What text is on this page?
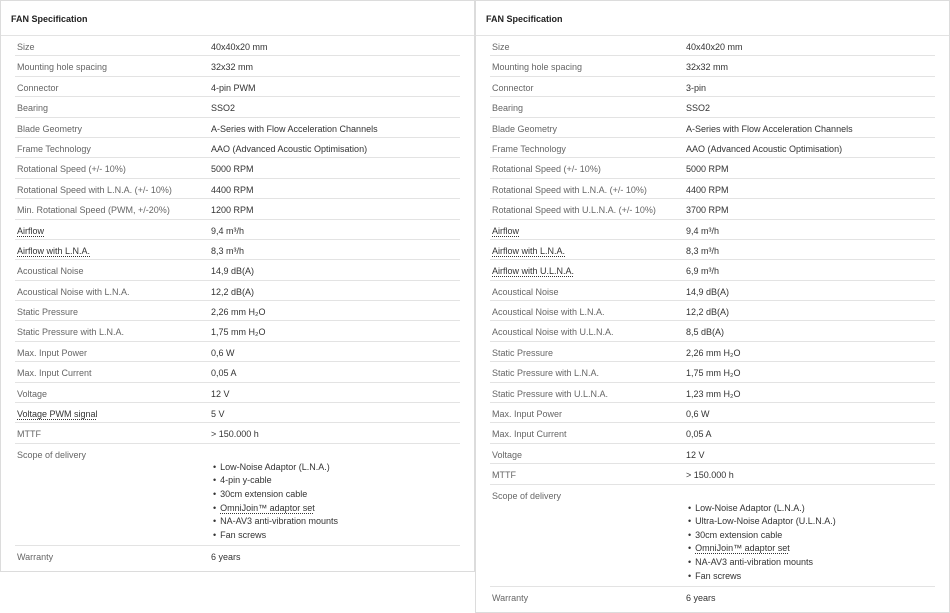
FAN Specification
Size	40x40x20 mm
Mounting hole spacing	32x32 mm
Connector	4-pin PWM
Bearing	SSO2
Blade Geometry	A-Series with Flow Acceleration Channels
Frame Technology	AAO (Advanced Acoustic Optimisation)
Rotational Speed (+/- 10%)	5000 RPM
Rotational Speed with L.N.A. (+/- 10%)	4400 RPM
Min. Rotational Speed (PWM, +/-20%)	1200 RPM
Airflow	9,4 m³/h
Airflow with L.N.A.	8,3 m³/h
Acoustical Noise	14,9 dB(A)
Acoustical Noise with L.N.A.	12,2 dB(A)
Static Pressure	2,26 mm H₂O
Static Pressure with L.N.A.	1,75 mm H₂O
Max. Input Power	0,6 W
Max. Input Current	0,05 A
Voltage	12 V
Voltage PWM signal	5 V
MTTF	> 150.000 h
Scope of delivery
• Low-Noise Adaptor (L.N.A.)
• 4-pin y-cable
• 30cm extension cable
• OmniJoin™ adaptor set
• NA-AV3 anti-vibration mounts
• Fan screws
Warranty	6 years
FAN Specification
Size	40x40x20 mm
Mounting hole spacing	32x32 mm
Connector	3-pin
Bearing	SSO2
Blade Geometry	A-Series with Flow Acceleration Channels
Frame Technology	AAO (Advanced Acoustic Optimisation)
Rotational Speed (+/- 10%)	5000 RPM
Rotational Speed with L.N.A. (+/- 10%)	4400 RPM
Rotational Speed with U.L.N.A. (+/- 10%)	3700 RPM
Airflow	9,4 m³/h
Airflow with L.N.A.	8,3 m³/h
Airflow with U.L.N.A.	6,9 m³/h
Acoustical Noise	14,9 dB(A)
Acoustical Noise with L.N.A.	12,2 dB(A)
Acoustical Noise with U.L.N.A.	8,5 dB(A)
Static Pressure	2,26 mm H₂O
Static Pressure with L.N.A.	1,75 mm H₂O
Static Pressure with U.L.N.A.	1,23 mm H₂O
Max. Input Power	0,6 W
Max. Input Current	0,05 A
Voltage	12 V
MTTF	> 150.000 h
Scope of delivery
• Low-Noise Adaptor (L.N.A.)
• Ultra-Low-Noise Adaptor (U.L.N.A.)
• 30cm extension cable
• OmniJoin™ adaptor set
• NA-AV3 anti-vibration mounts
• Fan screws
Warranty	6 years
